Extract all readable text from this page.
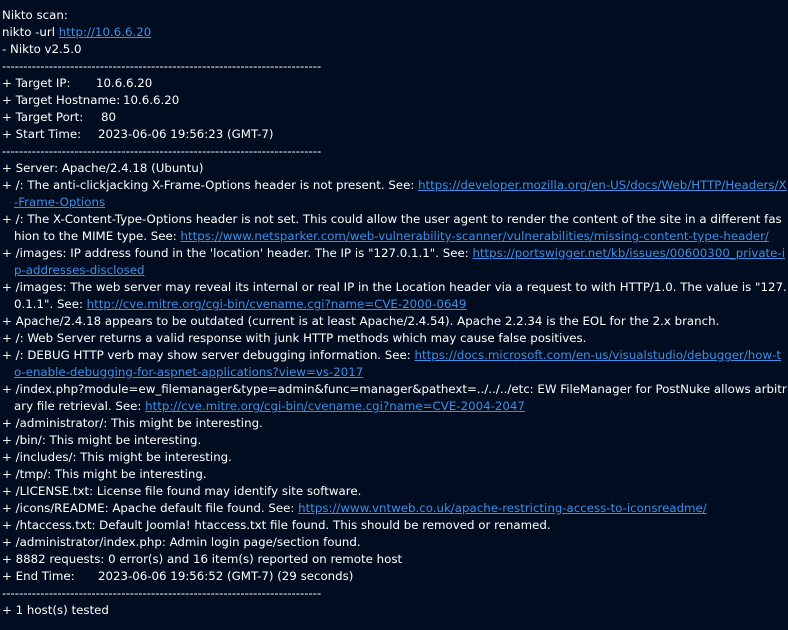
Nikto scan:
nikto -url http://10.6.6.20
- Nikto v2.5.0
---------------------------------------------------------------------------
+ Target IP: 10.6.6.20
+ Target Hostname: 10.6.6.20
+ Target Port: 80
+ Start Time: 2023-06-06 19:56:23 (GMT-7)
---------------------------------------------------------------------------
+ Server: Apache/2.4.18 (Ubuntu)
+ /: The anti-clickjacking X-Frame-Options header is not present. See: https://developer.mozilla.org/en-US/docs/Web/HTTP/Headers/X-Frame-Options
+ /: The X-Content-Type-Options header is not set. This could allow the user agent to render the content of the site in a different fashion to the MIME type. See: https://www.netsparker.com/web-vulnerability-scanner/vulnerabilities/missing-content-type-header/
+ /images: IP address found in the 'location' header. The IP is "127.0.1.1". See: https://portswigger.net/kb/issues/00600300_private-ip-addresses-disclosed
+ /images: The web server may reveal its internal or real IP in the Location header via a request to with HTTP/1.0. The value is "127.0.1.1". See: http://cve.mitre.org/cgi-bin/cvename.cgi?name=CVE-2000-0649
+ Apache/2.4.18 appears to be outdated (current is at least Apache/2.4.54). Apache 2.2.34 is the EOL for the 2.x branch.
+ /: Web Server returns a valid response with junk HTTP methods which may cause false positives.
+ /: DEBUG HTTP verb may show server debugging information. See: https://docs.microsoft.com/en-us/visualstudio/debugger/how-to-enable-debugging-for-aspnet-applications?view=vs-2017
+ /index.php?module=ew_filemanager&type=admin&func=manager&pathext=../../../etc: EW FileManager for PostNuke allows arbitrary file retrieval. See: http://cve.mitre.org/cgi-bin/cvename.cgi?name=CVE-2004-2047
+ /administrator/: This might be interesting.
+ /bin/: This might be interesting.
+ /includes/: This might be interesting.
+ /tmp/: This might be interesting.
+ /LICENSE.txt: License file found may identify site software.
+ /icons/README: Apache default file found. See: https://www.vntweb.co.uk/apache-restricting-access-to-iconsreadme/
+ /htaccess.txt: Default Joomla! htaccess.txt file found. This should be removed or renamed.
+ /administrator/index.php: Admin login page/section found.
+ 8882 requests: 0 error(s) and 16 item(s) reported on remote host
+ End Time: 2023-06-06 19:56:52 (GMT-7) (29 seconds)
---------------------------------------------------------------------------
+ 1 host(s) tested
